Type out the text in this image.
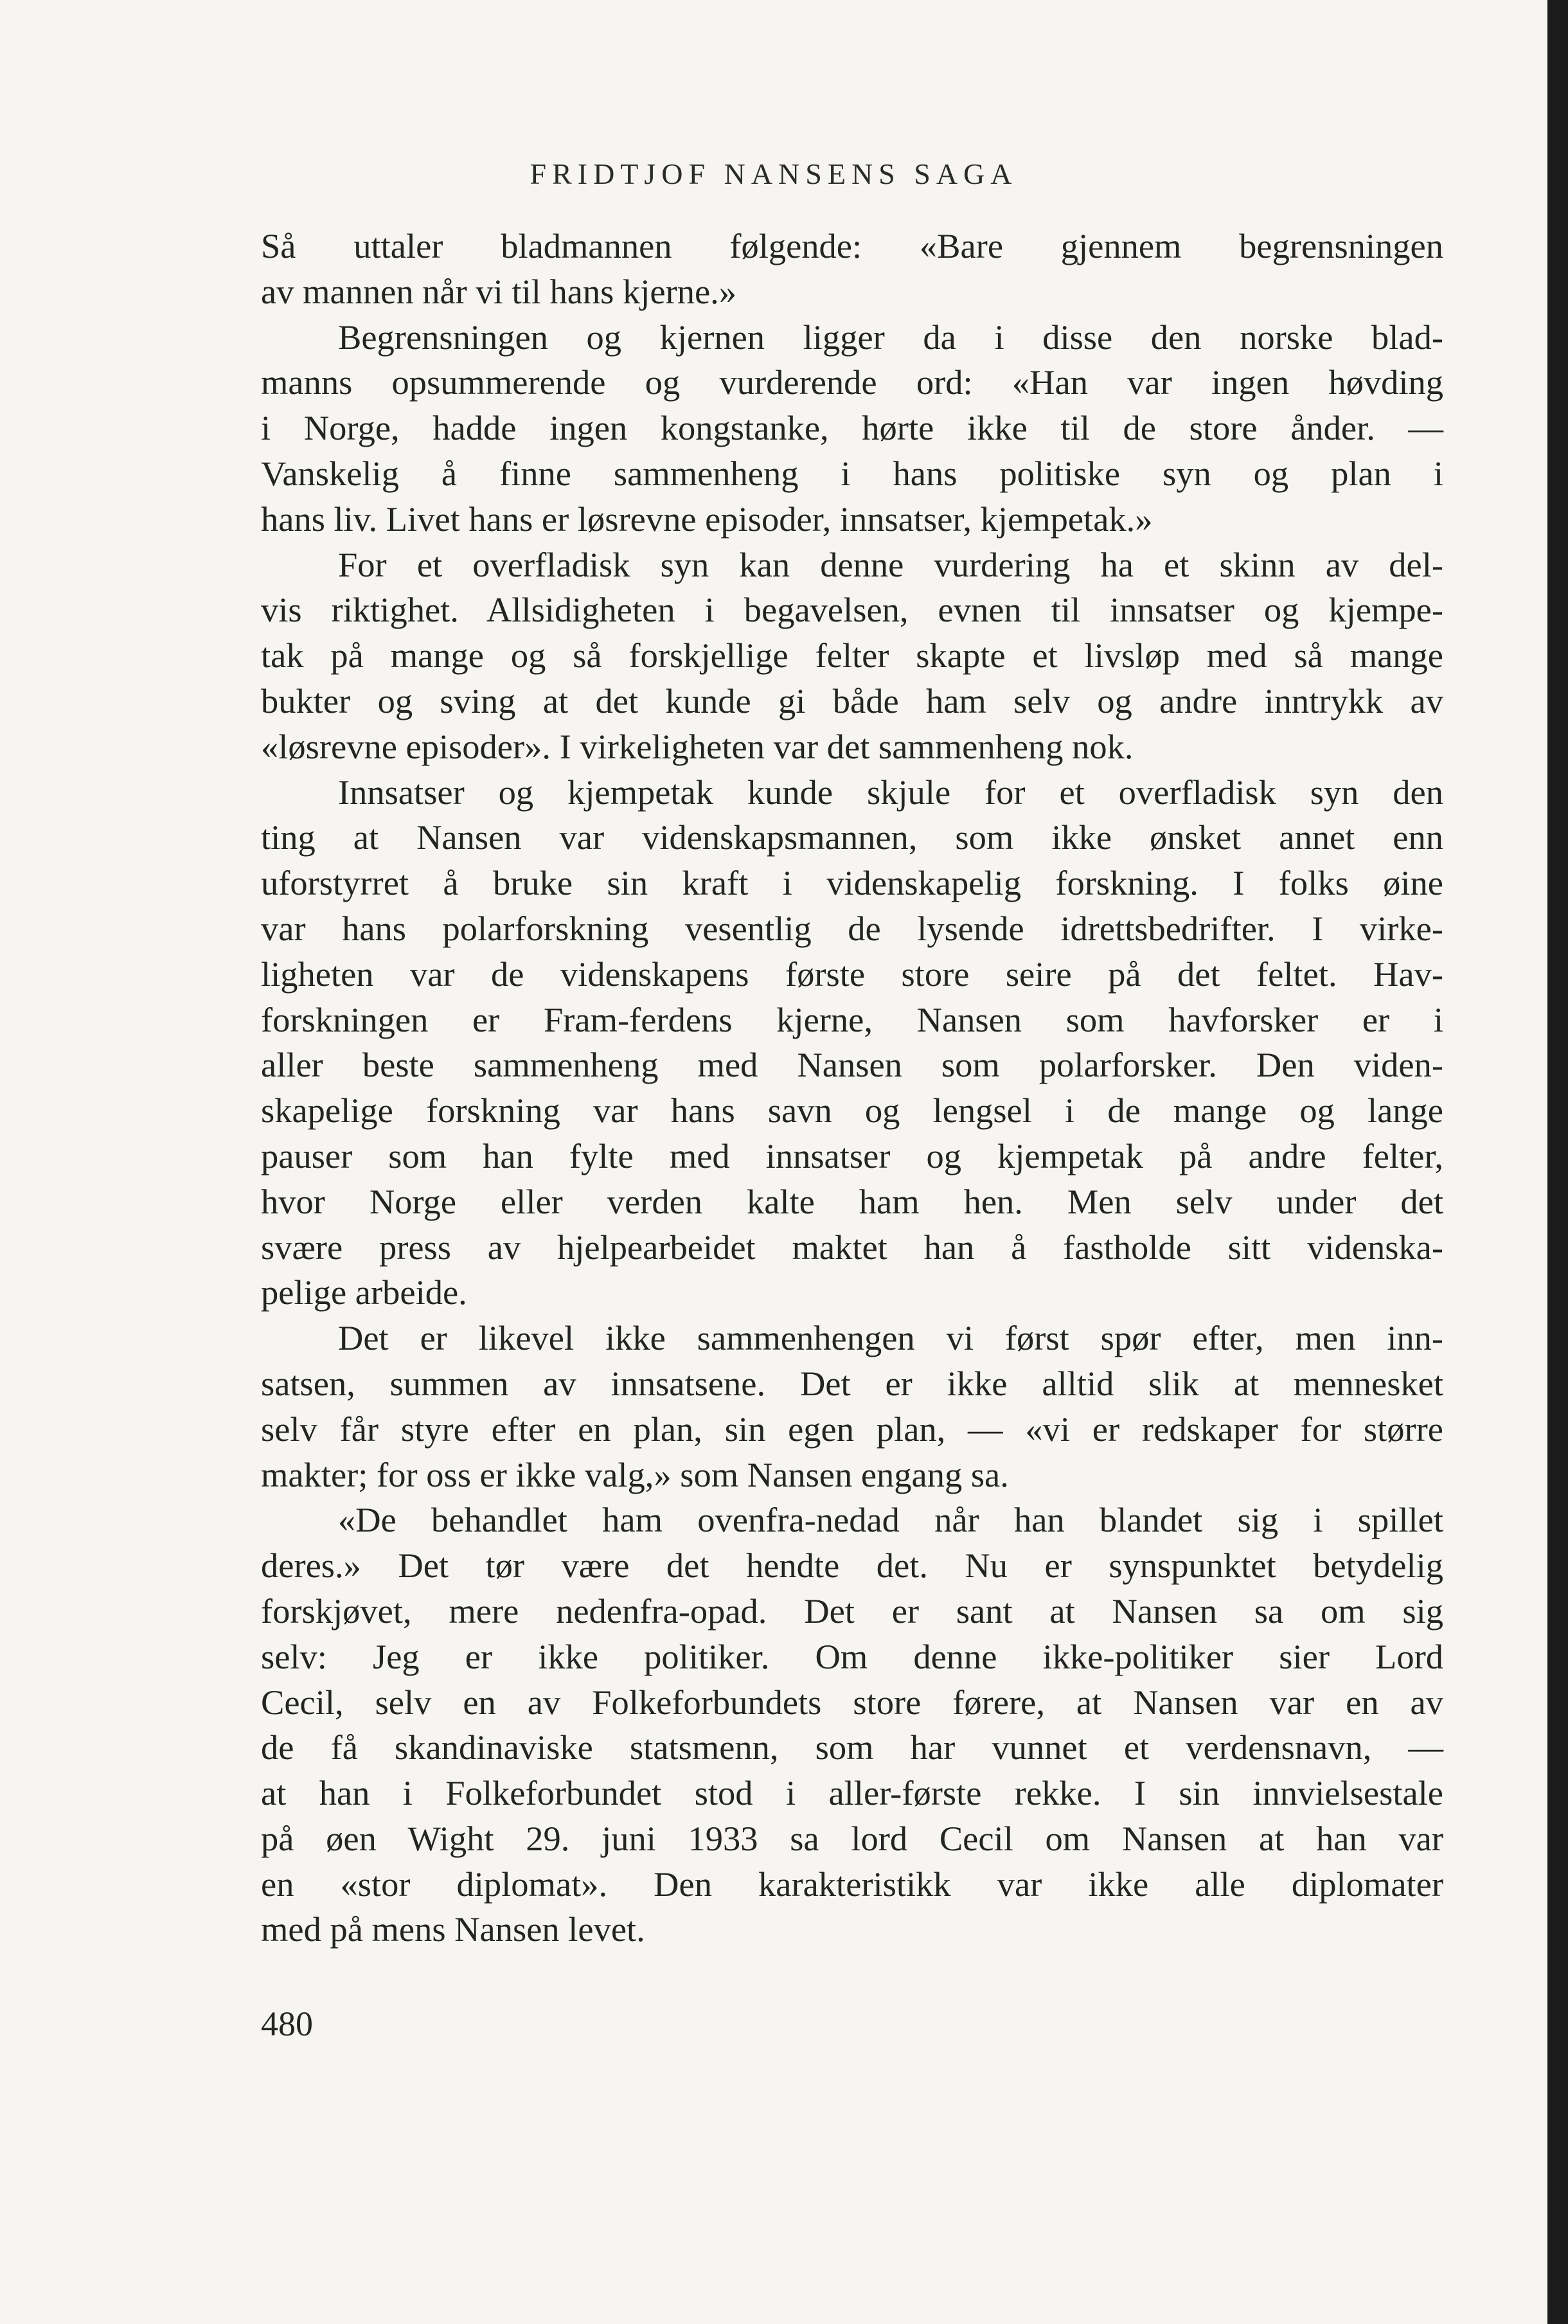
FRIDTJOF NANSENS SAGA

Så uttaler bladmannen følgende: «Bare gjennem begrensningen
av mannen når vi til hans kjerne.»

Begrensningen og kjernen ligger da i disse den norske blad-
manns opsummerende og vurderende ord: «Han var ingen høvding
i Norge, hadde ingen kongstanke, hørte ikke til de store ånder. —
Vanskelig å finne sammenheng i hans politiske syn og plan i
hans liv. Livet hans er løsrevne episoder, innsatser, kjempetak.»

For et overfladisk syn kan denne vurdering ha et skinn av del-
vis riktighet. Allsidigheten i begavelsen, evnen til innsatser og kjempe-
tak på mange og så forskjellige felter skapte et livsløp med så mange
bukter og sving at det kunde gi både ham selv og andre inntrykk av
«løsrevne episoder». I virkeligheten var det sammenheng nok.

Innsatser og kjempetak kunde skjule for et overfladisk syn den
ting at Nansen var videnskapsmannen, som ikke ønsket annet enn
uforstyrret å bruke sin kraft i videnskapelig forskning. I folks øine
var hans polarforskning vesentlig de lysende idrettsbedrifter. I virke-
ligheten var de videnskapens første store seire på det feltet. Hav-
forskningen er Fram-ferdens kjerne, Nansen som havforsker er i
aller beste sammenheng med Nansen som polarforsker. Den viden-
skapelige forskning var hans savn og lengsel i de mange og lange
pauser som han fylte med innsatser og kjempetak på andre felter,
hvor Norge eller verden kalte ham hen. Men selv under det
svære press av hjelpearbeidet maktet han å fastholde sitt videnska-
pelige arbeide.

Det er likevel ikke sammenhengen vi først spør efter, men inn-
satsen, summen av innsatsene. Det er ikke alltid slik at mennesket
selv får styre efter en plan, sin egen plan, — «vi er redskaper for større
makter; for oss er ikke valg,» som Nansen engang sa.

«De behandlet ham ovenfra-nedad når han blandet sig i spillet
deres.» Det tør være det hendte det. Nu er synspunktet betydelig
forskjøvet, mere nedenfra-opad. Det er sant at Nansen sa om sig
selv: Jeg er ikke politiker. Om denne ikke-politiker sier Lord
Cecil, selv en av Folkeforbundets store førere, at Nansen var en av
de få skandinaviske statsmenn, som har vunnet et verdensnavn, —
at han i Folkeforbundet stod i aller-første rekke. I sin innvielsestale
på øen Wight 29. juni 1933 sa lord Cecil om Nansen at han var
en «stor diplomat». Den karakteristikk var ikke alle diplomater
med på mens Nansen levet.

480
